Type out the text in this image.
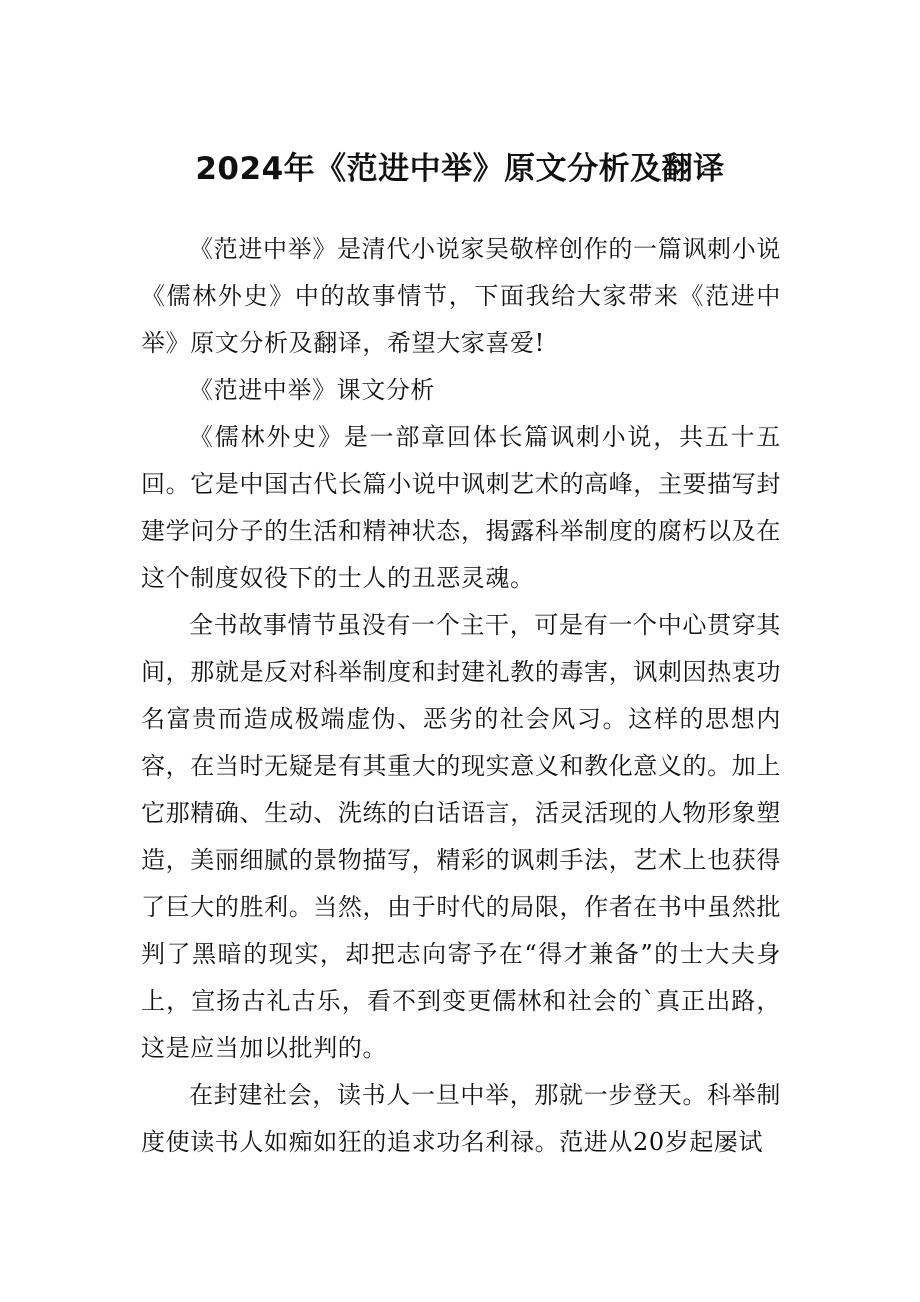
2024年《范进中举》原文分析及翻译

《范进中举》是清代小说家吴敬梓创作的一篇讽刺小说《儒林外史》中的故事情节，下面我给大家带来《范进中举》原文分析及翻译，希望大家喜爱!

《范进中举》课文分析

《儒林外史》是一部章回体长篇讽刺小说，共五十五回。它是中国古代长篇小说中讽刺艺术的高峰，主要描写封建学问分子的生活和精神状态，揭露科举制度的腐朽以及在这个制度奴役下的士人的丑恶灵魂。

全书故事情节虽没有一个主干，可是有一个中心贯穿其间，那就是反对科举制度和封建礼教的毒害，讽刺因热衷功名富贵而造成极端虚伪、恶劣的社会风习。这样的思想内容，在当时无疑是有其重大的现实意义和教化意义的。加上它那精确、生动、洗练的白话语言，活灵活现的人物形象塑造，美丽细腻的景物描写，精彩的讽刺手法，艺术上也获得了巨大的胜利。当然，由于时代的局限，作者在书中虽然批判了黑暗的现实，却把志向寄予在“得才兼备”的士大夫身上，宣扬古礼古乐，看不到变更儒林和社会的`真正出路，这是应当加以批判的。

在封建社会，读书人一旦中举，那就一步登天。科举制度使读书人如痴如狂的追求功名利禄。范进从20岁起屡试
